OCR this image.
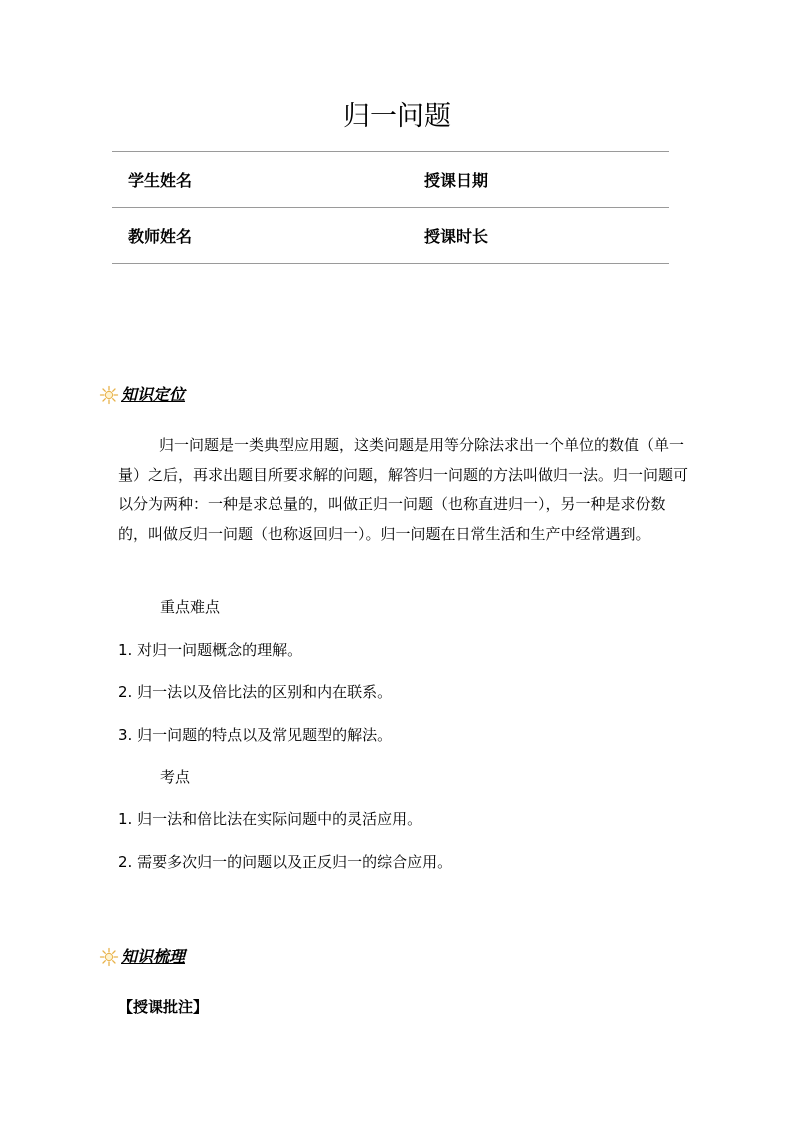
归一问题
学生姓名	授课日期
教师姓名	授课时长
知识定位

归一问题是一类典型应用题，这类问题是用等分除法求出一个单位的数值（单一量）之后，再求出题目所要求解的问题，解答归一问题的方法叫做归一法。归一问题可以分为两种：一种是求总量的，叫做正归一问题（也称直进归一），另一种是求份数的，叫做反归一问题（也称返回归一）。归一问题在日常生活和生产中经常遇到。

重点难点
1. 对归一问题概念的理解。
2. 归一法以及倍比法的区别和内在联系。
3. 归一问题的特点以及常见题型的解法。
考点
1. 归一法和倍比法在实际问题中的灵活应用。
2. 需要多次归一的问题以及正反归一的综合应用。
知识梳理
【授课批注】
